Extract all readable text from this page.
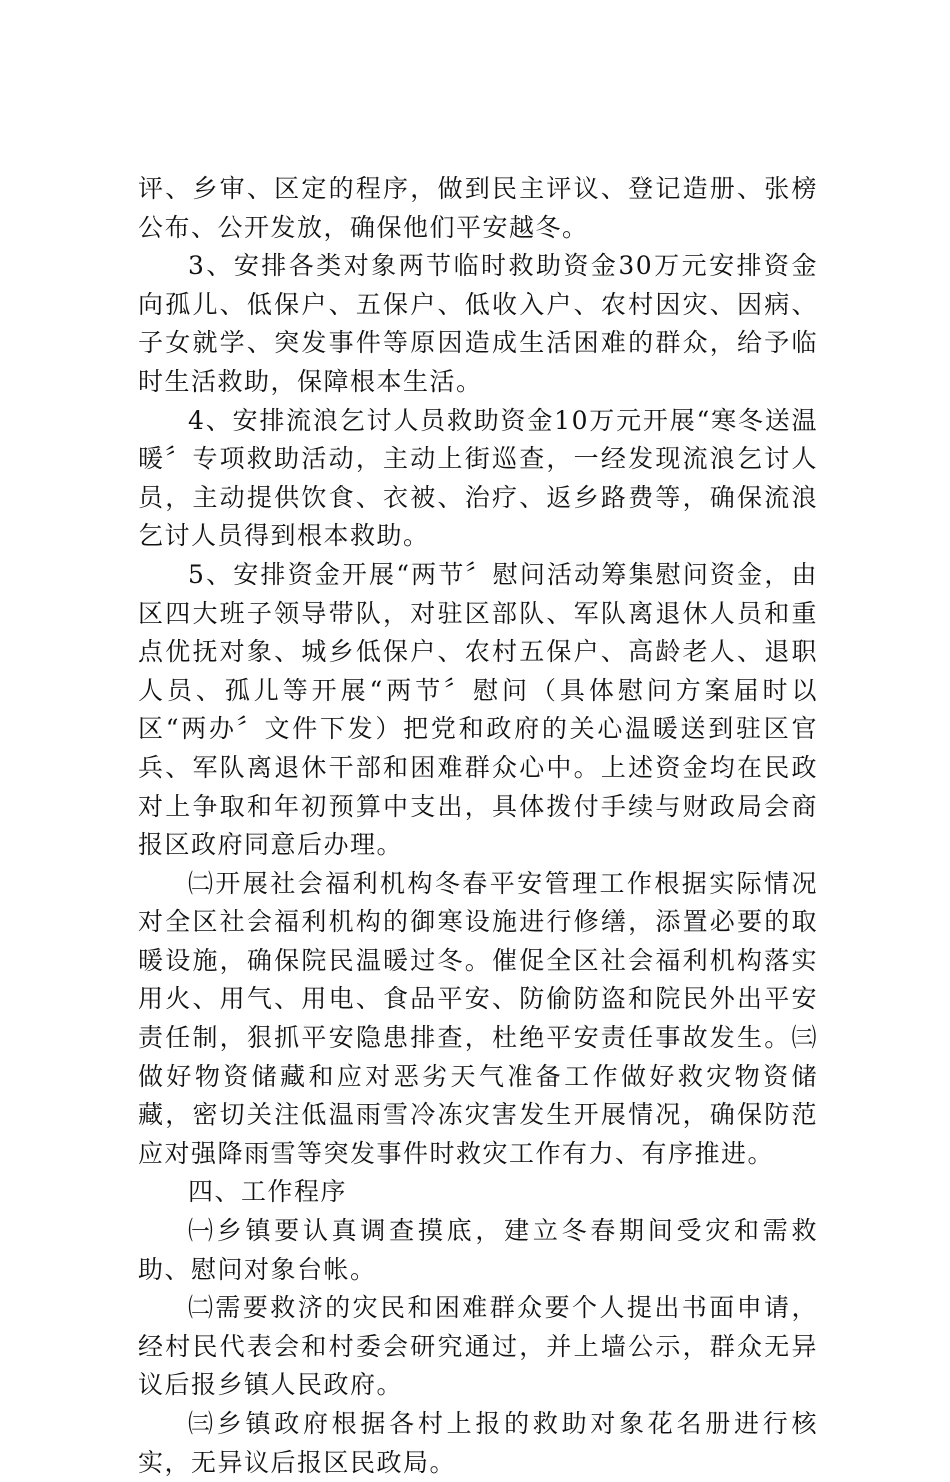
评、乡审、区定的程序，做到民主评议、登记造册、张榜公布、公开发放，确保他们平安越冬。

3、安排各类对象两节临时救助资金30万元安排资金向孤儿、低保户、五保户、低收入户、农村因灾、因病、子女就学、突发事件等原因造成生活困难的群众，给予临时生活救助，保障根本生活。

4、安排流浪乞讨人员救助资金10万元开展“寒冬送温暖〞专项救助活动，主动上街巡查，一经发现流浪乞讨人员，主动提供饮食、衣被、治疗、返乡路费等，确保流浪乞讨人员得到根本救助。

5、安排资金开展“两节〞慰问活动筹集慰问资金，由区四大班子领导带队，对驻区部队、军队离退休人员和重点优抚对象、城乡低保户、农村五保户、高龄老人、退职人员、孤儿等开展“两节〞慰问（具体慰问方案届时以区“两办〞文件下发）把党和政府的关心温暖送到驻区官兵、军队离退休干部和困难群众心中。上述资金均在民政对上争取和年初预算中支出，具体拨付手续与财政局会商报区政府同意后办理。

㈡开展社会福利机构冬春平安管理工作根据实际情况对全区社会福利机构的御寒设施进行修缮，添置必要的取暖设施，确保院民温暖过冬。催促全区社会福利机构落实用火、用气、用电、食品平安、防偷防盗和院民外出平安责任制，狠抓平安隐患排查，杜绝平安责任事故发生。㈢做好物资储藏和应对恶劣天气准备工作做好救灾物资储藏，密切关注低温雨雪冷冻灾害发生开展情况，确保防范应对强降雨雪等突发事件时救灾工作有力、有序推进。

四、工作程序

㈠乡镇要认真调查摸底，建立冬春期间受灾和需救助、慰问对象台帐。

㈡需要救济的灾民和困难群众要个人提出书面申请，经村民代表会和村委会研究通过，并上墙公示，群众无异议后报乡镇人民政府。

㈢乡镇政府根据各村上报的救助对象花名册进行核实，无异议后报区民政局。
